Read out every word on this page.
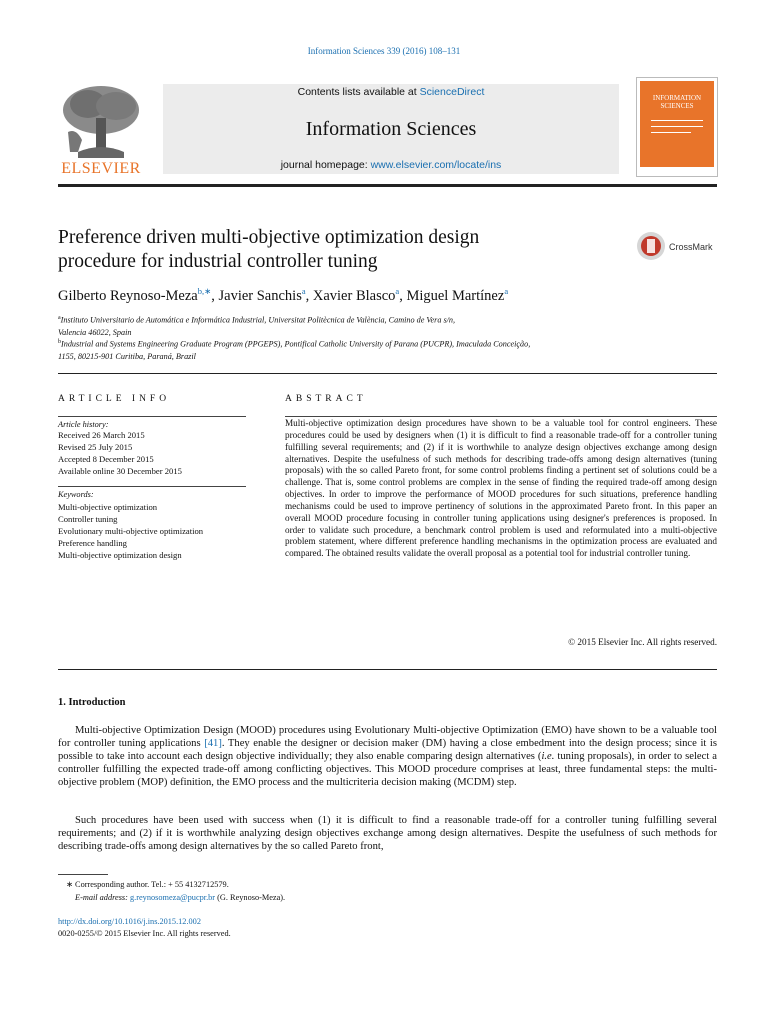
Information Sciences 339 (2016) 108–131
ELSEVIER
Contents lists available at ScienceDirect
Information Sciences
journal homepage: www.elsevier.com/locate/ins
INFORMATION SCIENCES
Preference driven multi-objective optimization design
procedure for industrial controller tuning
CrossMark
Gilberto Reynoso-Meza$^{b,∗}$, Javier Sanchis$^a$, Xavier Blasco$^a$, Miguel Martínez$^a$
$^a$Instituto Universitario de Automática e Informática Industrial, Universitat Politècnica de València, Camino de Vera s/n,
Valencia 46022, Spain
$^b$Industrial and Systems Engineering Graduate Program (PPGEPS), Pontifical Catholic University of Parana (PUCPR), Imaculada Conceição,
1155, 80215-901 Curitiba, Paraná, Brazil
ARTICLE INFO
Article history:
Received 26 March 2015
Revised 25 July 2015
Accepted 8 December 2015
Available online 30 December 2015
Keywords:
Multi-objective optimization
Controller tuning
Evolutionary multi-objective optimization
Preference handling
Multi-objective optimization design
ABSTRACT
Multi-objective optimization design procedures have shown to be a valuable tool for control engineers. These procedures could be used by designers when (1) it is difficult to find a reasonable trade-off for a controller tuning fulfilling several requirements; and (2) if it is worthwhile to analyze design objectives exchange among design alternatives. Despite the usefulness of such methods for describing trade-offs among design alternatives (tuning proposals) with the so called Pareto front, for some control problems finding a pertinent set of solutions could be a challenge. That is, some control problems are complex in the sense of finding the required trade-off among design objectives. In order to improve the performance of MOOD procedures for such situations, preference handling mechanisms could be used to improve pertinency of solutions in the approximated Pareto front. In this paper an overall MOOD procedure focusing in controller tuning applications using designer's preferences is proposed. In order to validate such procedure, a benchmark control problem is used and reformulated into a multi-objective problem statement, where different preference handling mechanisms in the optimization process are evaluated and compared. The obtained results validate the overall proposal as a potential tool for industrial controller tuning.
© 2015 Elsevier Inc. All rights reserved.
1. Introduction
Multi-objective Optimization Design (MOOD) procedures using Evolutionary Multi-objective Optimization (EMO) have shown to be a valuable tool for controller tuning applications [41]. They enable the designer or decision maker (DM) having a close embedment into the design process; since it is possible to take into account each design objective individually; they also enable comparing design alternatives (i.e. tuning proposals), in order to select a controller fulfilling the expected trade-off among conflicting objectives. This MOOD procedure comprises at least, three fundamental steps: the multi-objective problem (MOP) definition, the EMO process and the multicriteria decision making (MCDM) step.
Such procedures have been used with success when (1) it is difficult to find a reasonable trade-off for a controller tuning fulfilling several requirements; and (2) if it is worthwhile analyzing design objectives exchange among design alternatives. Despite the usefulness of such methods for describing trade-offs among design alternatives by the so called Pareto front,
∗ Corresponding author. Tel.: + 55 4132712579.
E-mail address: g.reynosomeza@pucpr.br (G. Reynoso-Meza).
http://dx.doi.org/10.1016/j.ins.2015.12.002
0020-0255/© 2015 Elsevier Inc. All rights reserved.
